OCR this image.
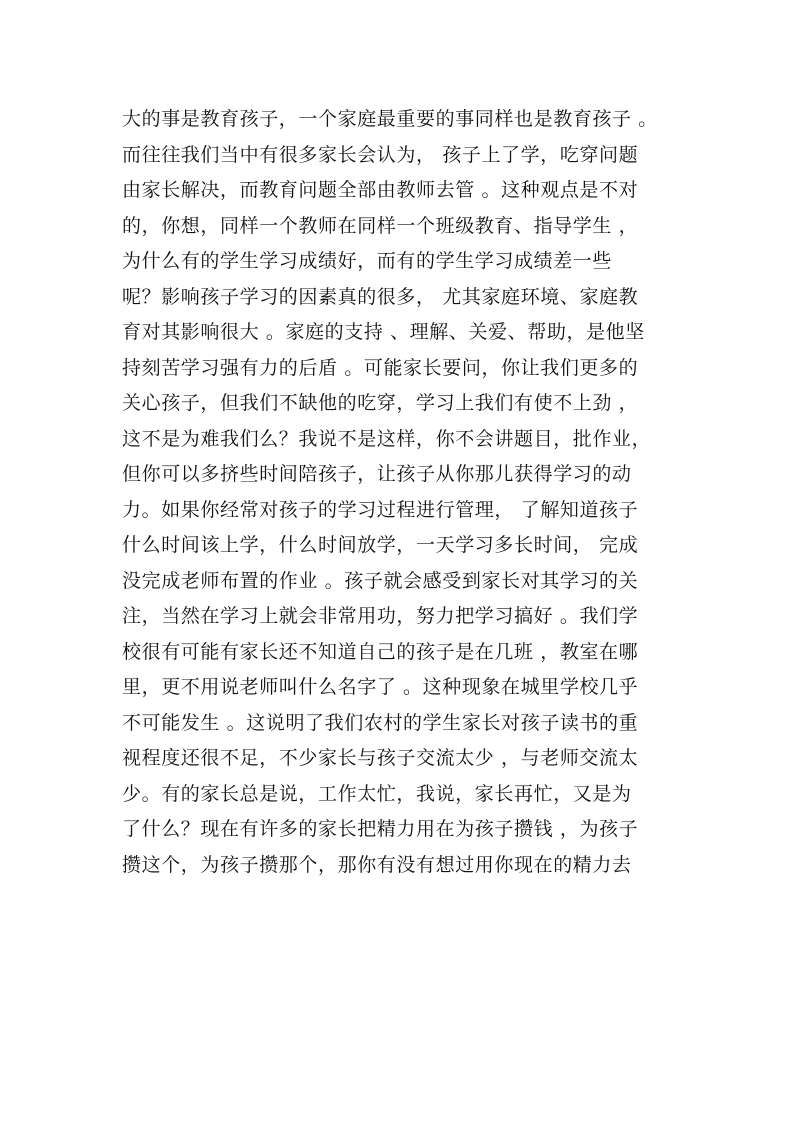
大的事是教育孩子，一个家庭最重要的事同样也是教育孩子 。
而往往我们当中有很多家长会认为， 孩子上了学，吃穿问题
由家长解决，而教育问题全部由教师去管 。这种观点是不对
的，你想，同样一个教师在同样一个班级教育、指导学生 ，
为什么有的学生学习成绩好，而有的学生学习成绩差一些
呢？影响孩子学习的因素真的很多， 尤其家庭环境、家庭教
育对其影响很大 。家庭的支持 、理解、关爱、帮助，是他坚
持刻苦学习强有力的后盾 。可能家长要问，你让我们更多的
关心孩子，但我们不缺他的吃穿，学习上我们有使不上劲 ，
这不是为难我们么？我说不是这样，你不会讲题目，批作业，
但你可以多挤些时间陪孩子，让孩子从你那儿获得学习的动
力。如果你经常对孩子的学习过程进行管理， 了解知道孩子
什么时间该上学，什么时间放学，一天学习多长时间， 完成
没完成老师布置的作业 。孩子就会感受到家长对其学习的关
注，当然在学习上就会非常用功，努力把学习搞好 。我们学
校很有可能有家长还不知道自己的孩子是在几班 ，教室在哪
里，更不用说老师叫什么名字了 。这种现象在城里学校几乎
不可能发生 。这说明了我们农村的学生家长对孩子读书的重
视程度还很不足，不少家长与孩子交流太少 ，与老师交流太
少。有的家长总是说，工作太忙，我说，家长再忙，又是为
了什么？现在有许多的家长把精力用在为孩子攒钱 ，为孩子
攒这个，为孩子攒那个，那你有没有想过用你现在的精力去
